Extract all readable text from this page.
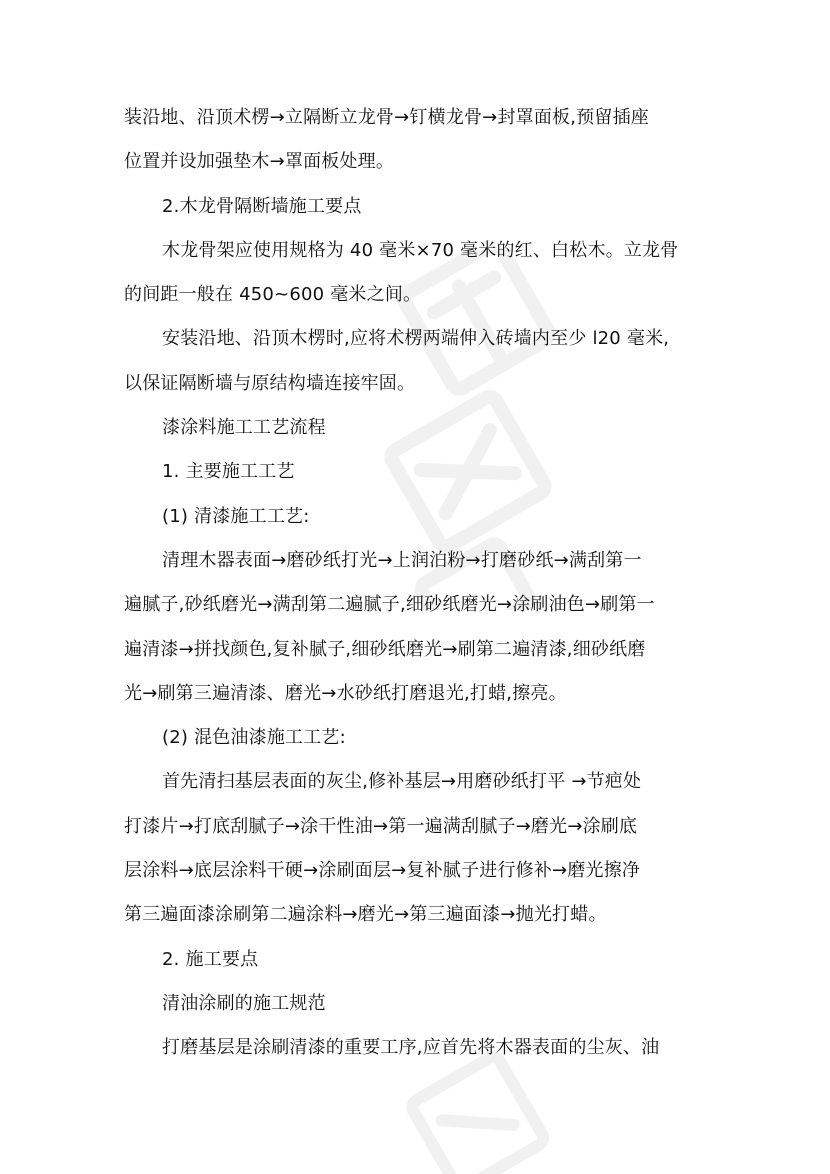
装沿地、沿顶术楞→立隔断立龙骨→钉横龙骨→封罩面板,预留插座
位置并设加强垫木→罩面板处理。
2.木龙骨隔断墙施工要点
木龙骨架应使用规格为 40 毫米×70 毫米的红、白松木。立龙骨
的间距一般在 450~600 毫米之间。
安装沿地、沿顶木楞时,应将术楞两端伸入砖墙内至少 l20 毫米,
以保证隔断墙与原结构墙连接牢固。
漆涂料施工工艺流程
1. 主要施工工艺
(1) 清漆施工工艺:
清理木器表面→磨砂纸打光→上润泊粉→打磨砂纸→满刮第一
遍腻子,砂纸磨光→满刮第二遍腻子,细砂纸磨光→涂刷油色→刷第一
遍清漆→拼找颜色,复补腻子,细砂纸磨光→刷第二遍清漆,细砂纸磨
光→刷第三遍清漆、磨光→水砂纸打磨退光,打蜡,擦亮。
(2) 混色油漆施工工艺:
首先清扫基层表面的灰尘,修补基层→用磨砂纸打平 →节疤处
打漆片→打底刮腻子→涂干性油→第一遍满刮腻子→磨光→涂刷底
层涂料→底层涂料干硬→涂刷面层→复补腻子进行修补→磨光擦净
第三遍面漆涂刷第二遍涂料→磨光→第三遍面漆→抛光打蜡。
2. 施工要点
清油涂刷的施工规范
打磨基层是涂刷清漆的重要工序,应首先将木器表面的尘灰、油
